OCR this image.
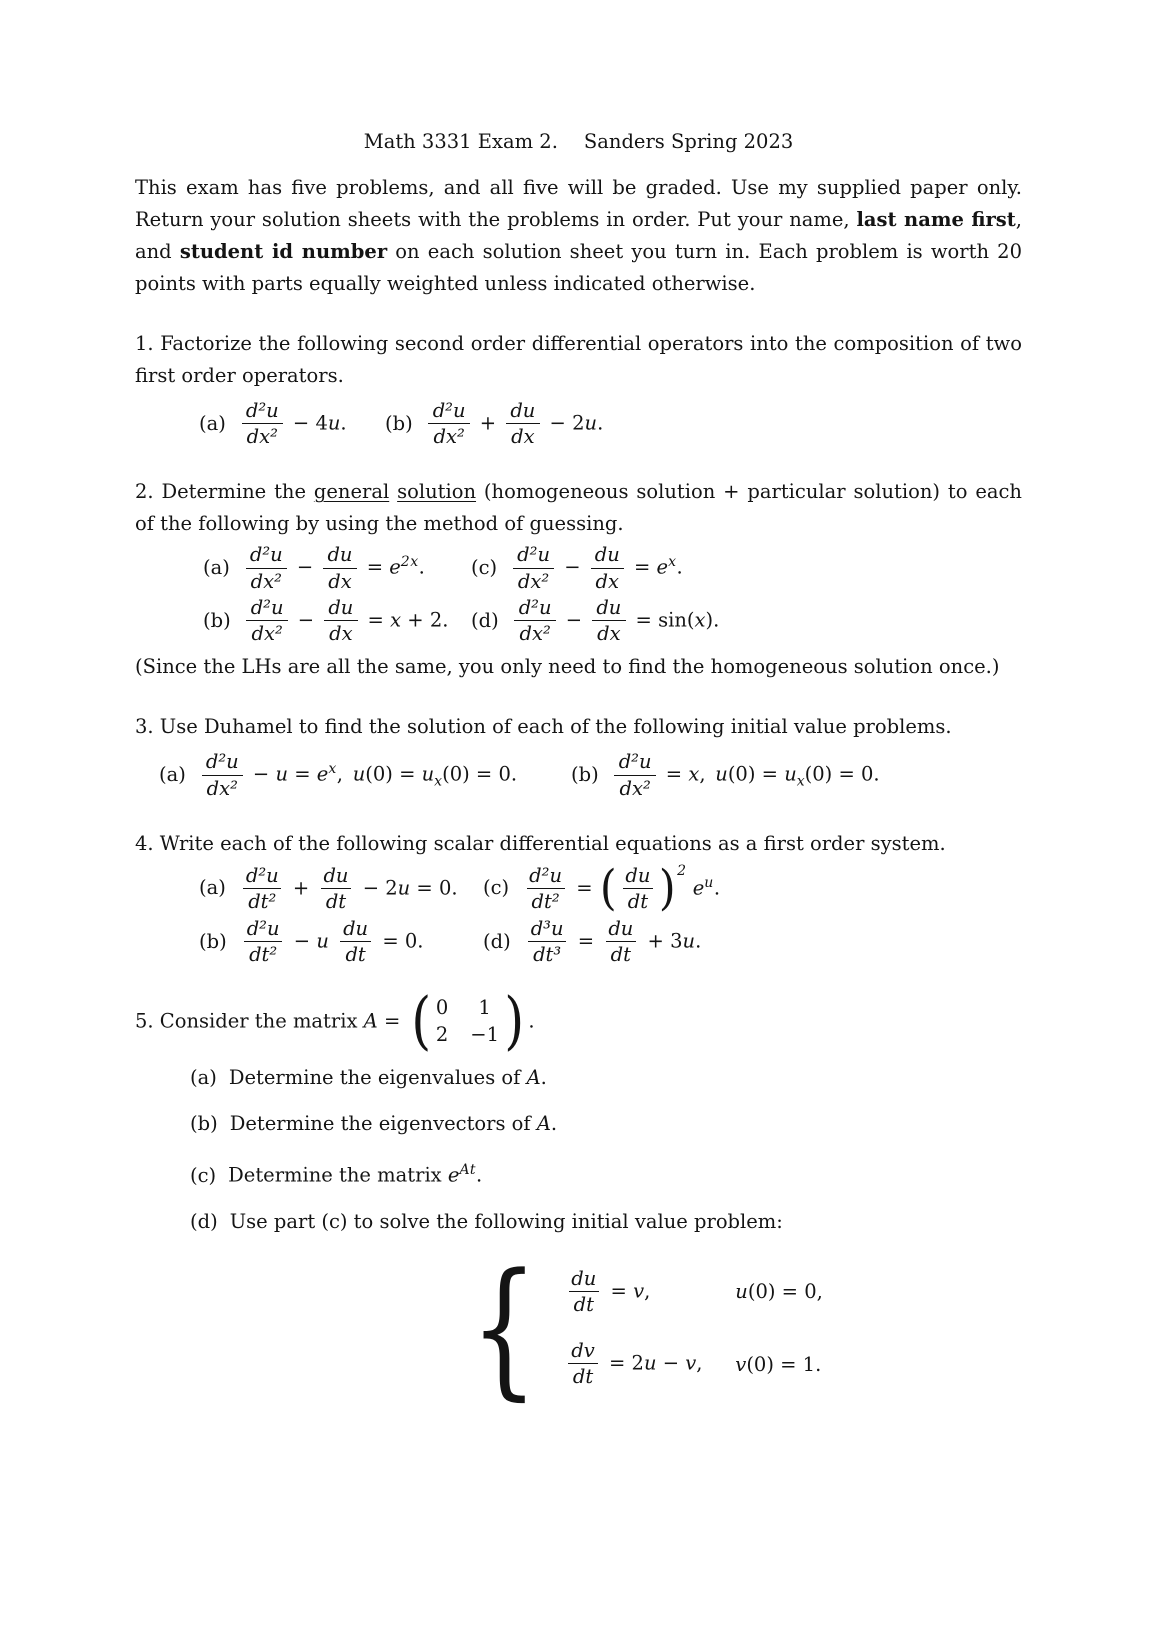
Math 3331 Exam 2. Sanders Spring 2023

This exam has five problems, and all five will be graded. Use my supplied paper only. Return your solution sheets with the problems in order. Put your name, last name first, and student id number on each solution sheet you turn in. Each problem is worth 20 points with parts equally weighted unless indicated otherwise.

1. Factorize the following second order differential operators into the composition of two first order operators.

$(a) \frac{\text{d²u}}{\text{dx²}} - 4u$.	$(b) \frac{\text{d²u}}{\text{dx²}} + \frac{du}{dx} - 2u$.

2. Determine the general solution (homogeneous solution + particular solution) to each of the following by using the method of guessing.

$(a) \frac{\text{d²u}}{\text{dx²}} - \frac{du}{dx} = e^{2x}$.	$(c) \frac{\text{d²u}}{\text{dx²}} - \frac{du}{dx} = e^x$.
$(b) \frac{\text{d²u}}{\text{dx²}} - \frac{du}{dx} = x + 2$.	$(d) \frac{\text{d²u}}{\text{dx²}} - \frac{du}{dx} = \sin(x)$.

(Since the LHs are all the same, you only need to find the homogeneous solution once.)

3. Use Duhamel to find the solution of each of the following initial value problems.

$(a) \frac{\text{d²u}}{\text{dx²}} - u = e^x$, $u(0) = u_x(0) = 0$.	$(b) \frac{\text{d²u}}{\text{dx²}} = x$, $u(0) = u_x(0) = 0$.

4. Write each of the following scalar differential equations as a first order system.

$(a) \frac{\text{d²u}}{\text{dt²}} + \frac{du}{dt} - 2u = 0$.	$(c) \frac{\text{d²u}}{\text{dt²}}$ = ( $\frac{du}{dt} )^2$ $e^u$.
$(b) \frac{\text{d²u}}{\text{dt²}} - u \frac{du}{dt} = 0$.	$(d) \frac{\text{d³u}}{\text{dt³}} = \frac{du}{dt} + 3u$.

5. Consider the matrix A = ( 0 1
2 −1 ) .

(a) Determine the eigenvalues of A.
(b) Determine the eigenvectors of A.
(c) Determine the matrix $e^{At}$.
(d) Use part (c) to solve the following initial value problem:
{ $\frac{du}{dt} = v$,	u(0) = 0,
$\frac{dv}{dt} = 2u - v$,	v(0) = 1.
